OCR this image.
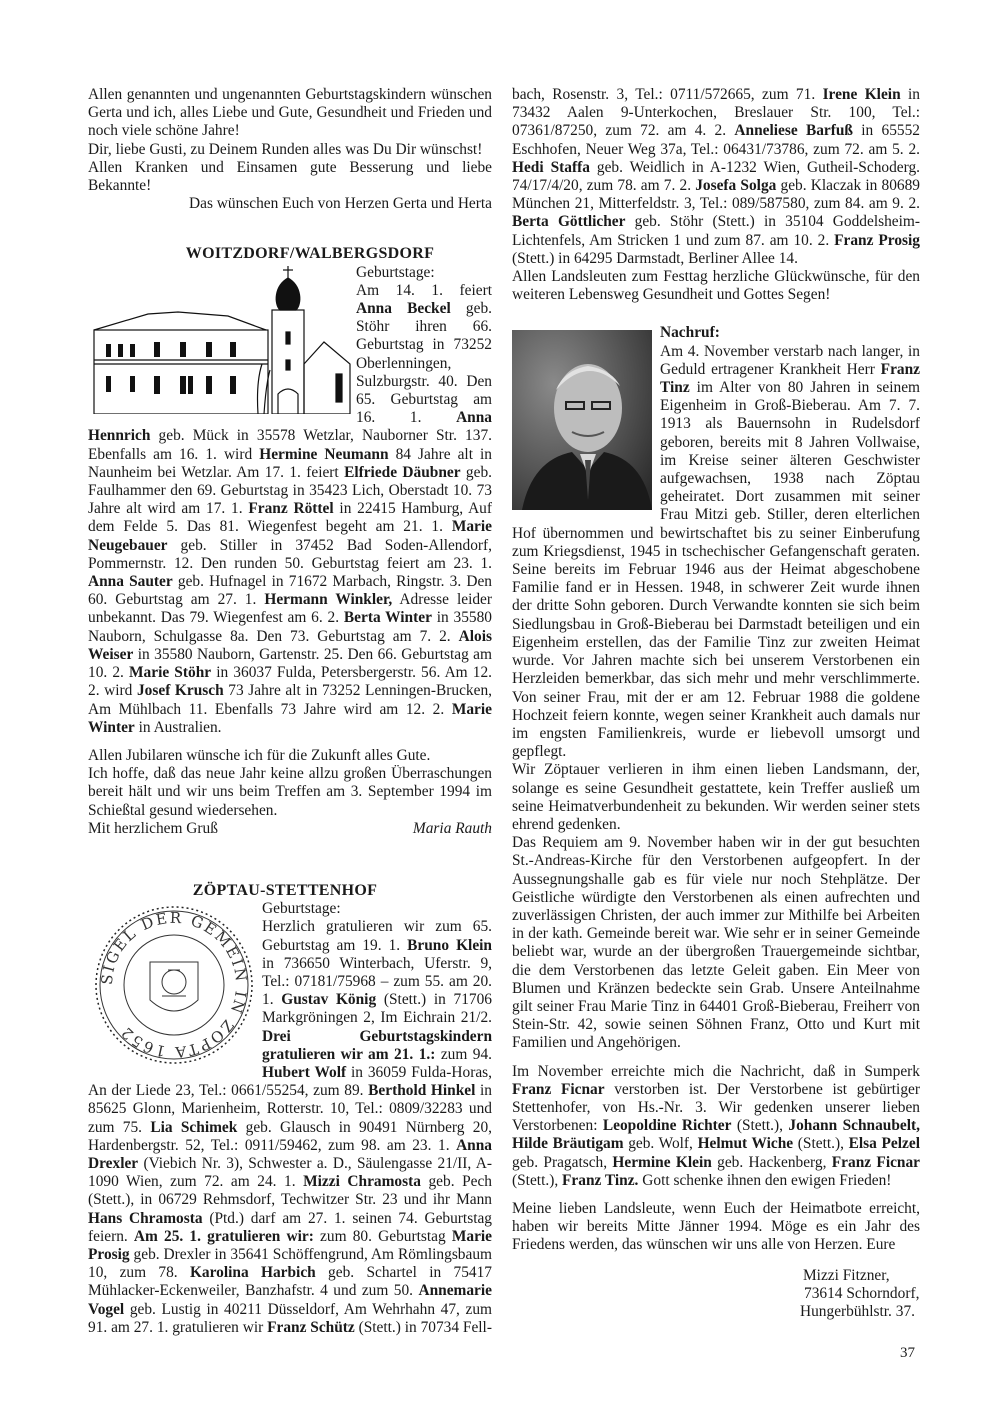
Allen genannten und ungenannten Geburtstagskindern wünschen Gerta und ich, alles Liebe und Gute, Gesundheit und Frieden und noch viele schöne Jahre!

Dir, liebe Gusti, zu Deinem Runden alles was Du Dir wünschst!

Allen Kranken und Einsamen gute Besserung und liebe Bekannte!

Das wünschen Euch von Herzen Gerta und Herta

WOITZDORF/WALBERGSDORF

Geburtstage:

Am 14. 1. feiert Anna Beckel geb. Stöhr ihren 66. Geburtstag in 73252 Oberlenningen, Sulzburgstr. 40. Den 65. Geburtstag am 16. 1. Anna Hennrich geb. Mück in 35578 Wetzlar, Nauborner Str. 137. Ebenfalls am 16. 1. wird Hermine Neumann 84 Jahre alt in Naunheim bei Wetzlar. Am 17. 1. feiert Elfriede Däubner geb. Faulhammer den 69. Geburtstag in 35423 Lich, Oberstadt 10. 73 Jahre alt wird am 17. 1. Franz Röttel in 22415 Hamburg, Auf dem Felde 5. Das 81. Wiegenfest begeht am 21. 1. Marie Neugebauer geb. Stiller in 37452 Bad Soden-Allendorf, Pommernstr. 12. Den runden 50. Geburtstag feiert am 23. 1. Anna Sauter geb. Hufnagel in 71672 Marbach, Ringstr. 3. Den 60. Geburtstag am 27. 1. Hermann Winkler, Adresse leider unbekannt. Das 79. Wiegenfest am 6. 2. Berta Winter in 35580 Nauborn, Schulgasse 8a. Den 73. Geburtstag am 7. 2. Alois Weiser in 35580 Nauborn, Gartenstr. 25. Den 66. Geburtstag am 10. 2. Marie Stöhr in 36037 Fulda, Petersbergerstr. 56. Am 12. 2. wird Josef Krusch 73 Jahre alt in 73252 Lenningen-Brucken, Am Mühlbach 11. Ebenfalls 73 Jahre wird am 12. 2. Marie Winter in Australien.

Allen Jubilaren wünsche ich für die Zukunft alles Gute.

Ich hoffe, daß das neue Jahr keine allzu großen Überraschungen bereit hält und wir uns beim Treffen am 3. September 1994 im Schießtal gesund wiedersehen.

Mit herzlichem Gruß	Maria Rauth

ZÖPTAU-STETTENHOF

SIGEL DER GEMEIN IN ZOPTA 1652

Geburtstage:

Herzlich gratulieren wir zum 65. Geburtstag am 19. 1. Bruno Klein in 736650 Winterbach, Uferstr. 9, Tel.: 07181/75968 – zum 55. am 20. 1. Gustav König (Stett.) in 71706 Markgröningen 2, Im Eichrain 21/2. Drei Geburtstagskindern gratulieren wir am 21. 1.: zum 94. Hubert Wolf in 36059 Fulda-Horas, An der Liede 23, Tel.: 0661/55254, zum 89. Berthold Hinkel in 85625 Glonn, Marienheim, Rotterstr. 10, Tel.: 0809/32283 und zum 75. Lia Schimek geb. Glausch in 90491 Nürnberg 20, Hardenbergstr. 52, Tel.: 0911/59462, zum 98. am 23. 1. Anna Drexler (Viebich Nr. 3), Schwester a. D., Säulengasse 21/II, A-1090 Wien, zum 72. am 24. 1. Mizzi Chramosta geb. Pech (Stett.), in 06729 Rehmsdorf, Techwitzer Str. 23 und ihr Mann Hans Chramosta (Ptd.) darf am 27. 1. seinen 74. Geburtstag feiern. Am 25. 1. gratulieren wir: zum 80. Geburtstag Marie Prosig geb. Drexler in 35641 Schöffengrund, Am Römlingsbaum 10, zum 78. Karolina Harbich geb. Schartel in 75417 Mühlacker-Eckenweiler, Banzhafstr. 4 und zum 50. Annemarie Vogel geb. Lustig in 40211 Düsseldorf, Am Wehrhahn 47, zum 91. am 27. 1. gratulieren wir Franz Schütz (Stett.) in 70734 Fell-

bach, Rosenstr. 3, Tel.: 0711/572665, zum 71. Irene Klein in 73432 Aalen 9-Unterkochen, Breslauer Str. 100, Tel.: 07361/87250, zum 72. am 4. 2. Anneliese Barfuß in 65552 Eschhofen, Neuer Weg 37a, Tel.: 06431/73786, zum 72. am 5. 2. Hedi Staffa geb. Weidlich in A-1232 Wien, Gutheil-Schoderg. 74/17/4/20, zum 78. am 7. 2. Josefa Solga geb. Klaczak in 80689 München 21, Mitterfeldstr. 3, Tel.: 089/587580, zum 84. am 9. 2. Berta Göttlicher geb. Stöhr (Stett.) in 35104 Goddelsheim-Lichtenfels, Am Stricken 1 und zum 87. am 10. 2. Franz Prosig (Stett.) in 64295 Darmstadt, Berliner Allee 14.

Allen Landsleuten zum Festtag herzliche Glückwünsche, für den weiteren Lebensweg Gesundheit und Gottes Segen!

Nachruf:

Am 4. November verstarb nach langer, in Geduld ertragener Krankheit Herr Franz Tinz im Alter von 80 Jahren in seinem Eigenheim in Groß-Bieberau. Am 7. 7. 1913 als Bauernsohn in Rudelsdorf geboren, bereits mit 8 Jahren Vollwaise, im Kreise seiner älteren Geschwister aufgewachsen, 1938 nach Zöptau geheiratet. Dort zusammen mit seiner Frau Mitzi geb. Stiller, deren elterlichen Hof übernommen und bewirtschaftet bis zu seiner Einberufung zum Kriegsdienst, 1945 in tschechischer Gefangenschaft geraten. Seine bereits im Februar 1946 aus der Heimat abgeschobene Familie fand er in Hessen. 1948, in schwerer Zeit wurde ihnen der dritte Sohn geboren. Durch Verwandte konnten sie sich beim Siedlungsbau in Groß-Bieberau bei Darmstadt beteiligen und ein Eigenheim erstellen, das der Familie Tinz zur zweiten Heimat wurde. Vor Jahren machte sich bei unserem Verstorbenen ein Herzleiden bemerkbar, das sich mehr und mehr verschlimmerte. Von seiner Frau, mit der er am 12. Februar 1988 die goldene Hochzeit feiern konnte, wegen seiner Krankheit auch damals nur im engsten Familienkreis, wurde er liebevoll umsorgt und gepflegt.

Wir Zöptauer verlieren in ihm einen lieben Landsmann, der, solange es seine Gesundheit gestattete, kein Treffer ausließ um seine Heimatverbundenheit zu bekunden. Wir werden seiner stets ehrend gedenken.

Das Requiem am 9. November haben wir in der gut besuchten St.-Andreas-Kirche für den Verstorbenen aufgeopfert. In der Aussegnungshalle gab es für viele nur noch Stehplätze. Der Geistliche würdigte den Verstorbenen als einen aufrechten und zuverlässigen Christen, der auch immer zur Mithilfe bei Arbeiten in der kath. Gemeinde bereit war. Wie sehr er in seiner Gemeinde beliebt war, wurde an der übergroßen Trauergemeinde sichtbar, die dem Verstorbenen das letzte Geleit gaben. Ein Meer von Blumen und Kränzen bedeckte sein Grab. Unsere Anteilnahme gilt seiner Frau Marie Tinz in 64401 Groß-Bieberau, Freiherr von Stein-Str. 42, sowie seinen Söhnen Franz, Otto und Kurt mit Familien und Angehörigen.

Im November erreichte mich die Nachricht, daß in Sumperk Franz Ficnar verstorben ist. Der Verstorbene ist gebürtiger Stettenhofer, von Hs.-Nr. 3. Wir gedenken unserer lieben Verstorbenen: Leopoldine Richter (Stett.), Johann Schnaubelt, Hilde Bräutigam geb. Wolf, Helmut Wiche (Stett.), Elsa Pelzel geb. Pragatsch, Hermine Klein geb. Hackenberg, Franz Ficnar (Stett.), Franz Tinz. Gott schenke ihnen den ewigen Frieden!

Meine lieben Landsleute, wenn Euch der Heimatbote erreicht, haben wir bereits Mitte Jänner 1994. Möge es ein Jahr des Friedens werden, das wünschen wir uns alle von Herzen. Eure

Mizzi Fitzner,
73614 Schorndorf,
Hungerbühlstr. 37.
37
